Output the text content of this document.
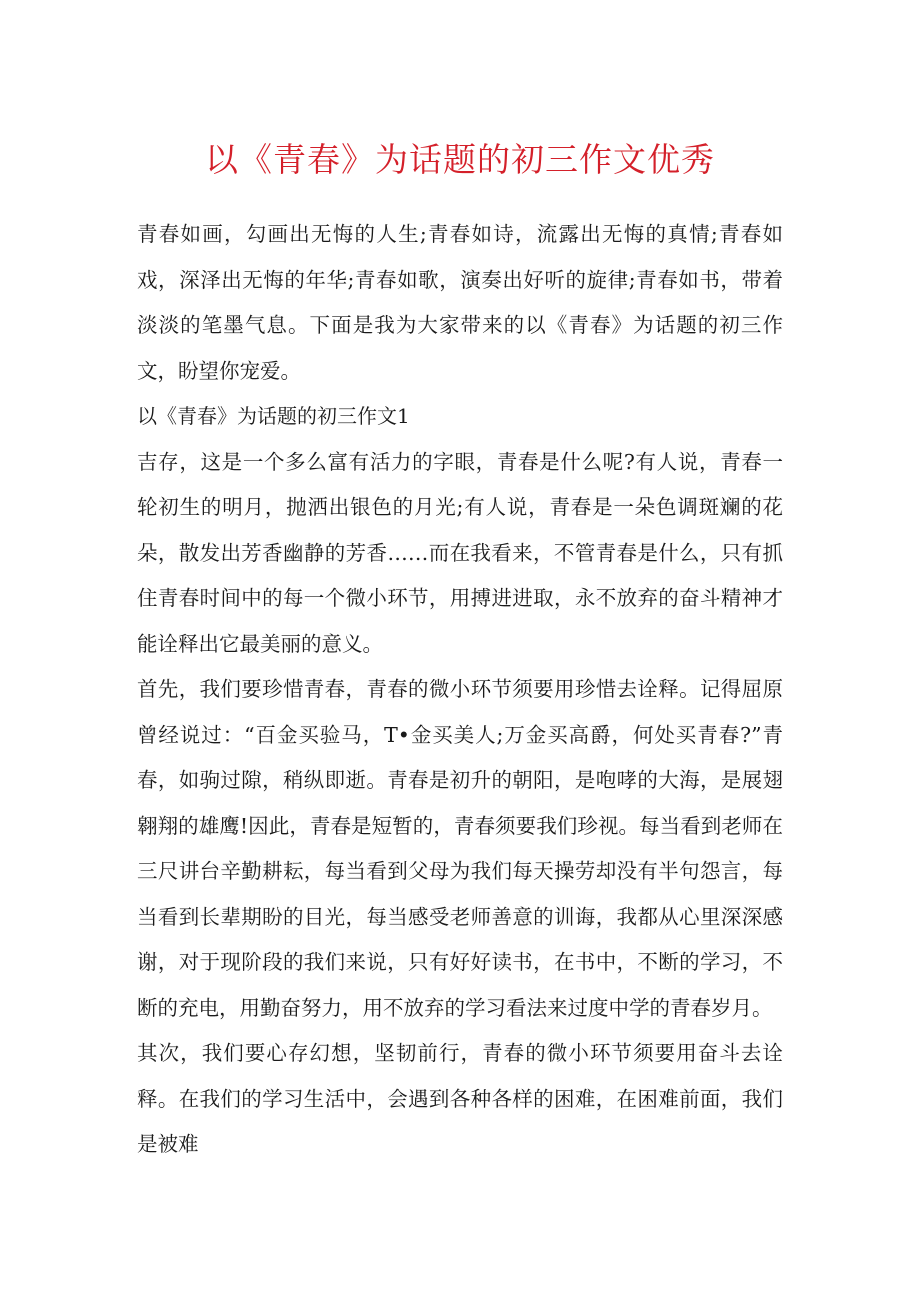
以《青春》为话题的初三作文优秀

青春如画，勾画出无悔的人生;青春如诗，流露出无悔的真情;青春如戏，深泽出无悔的年华;青春如歌，演奏出好听的旋律;青春如书，带着淡淡的笔墨气息。下面是我为大家带来的以《青春》为话题的初三作文，盼望你宠爱。

以《青春》为话题的初三作文1

吉存，这是一个多么富有活力的字眼，青春是什么呢?有人说，青春一轮初生的明月，抛洒出银色的月光;有人说，青春是一朵色调斑斓的花朵，散发出芳香幽静的芳香……而在我看来，不管青春是什么，只有抓住青春时间中的每一个微小环节，用搏进进取，永不放弃的奋斗精神才能诠释出它最美丽的意义。

首先，我们要珍惜青春，青春的微小环节须要用珍惜去诠释。记得屈原曾经说过：“百金买验马，T•金买美人;万金买高爵，何处买青春?”青春，如驹过隙，稍纵即逝。青春是初升的朝阳，是咆哮的大海，是展翅翱翔的雄鹰!因此，青春是短暂的，青春须要我们珍视。每当看到老师在三尺讲台辛勤耕耘，每当看到父母为我们每天操劳却没有半句怨言，每当看到长辈期盼的目光，每当感受老师善意的训诲，我都从心里深深感谢，对于现阶段的我们来说，只有好好读书，在书中，不断的学习，不断的充电，用勤奋努力，用不放弃的学习看法来过度中学的青春岁月。

其次，我们要心存幻想，坚韧前行，青春的微小环节须要用奋斗去诠释。在我们的学习生活中，会遇到各种各样的困难，在困难前面，我们是被难
